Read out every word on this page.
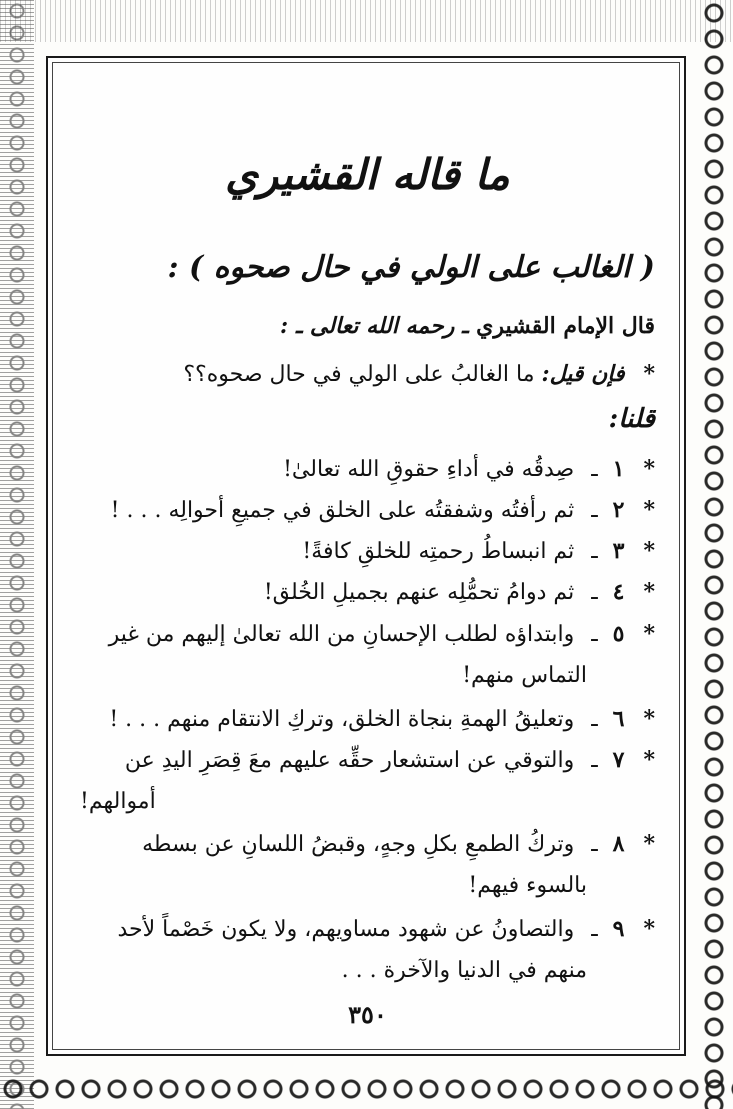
ما قاله القشيري
( الغالب على الولي في حال صحوه ) :
قال الإمام القشيري ـ رحمه الله تعالى ـ :
* فإن قيل: ما الغالبُ على الولي في حال صحوه؟؟
قلنا:
* ١ ـ صِدقُه في أداءِ حقوقِ الله تعالىٰ!
* ٢ ـ ثم رأفتُه وشفقتُه على الخلق في جميعِ أحوالِه . . . !
* ٣ ـ ثم انبساطُ رحمتِه للخلقِ كافةً!
* ٤ ـ ثم دوامُ تحمُّلِه عنهم بجميلِ الخُلق!
* ٥ ـ وابتداؤه لطلب الإحسانِ من الله تعالىٰ إليهم من غير
التماس منهم!
* ٦ ـ وتعليقُ الهمةِ بنجاة الخلق، وتركِ الانتقام منهم . . . !
* ٧ ـ والتوقي عن استشعار حقِّه عليهم معَ قِصَرِ اليدِ عن
أموالهم!
* ٨ ـ وتركُ الطمعِ بكلِ وجهٍ، وقبضُ اللسانِ عن بسطه
بالسوء فيهم!
* ٩ ـ والتصاونُ عن شهود مساويهم، ولا يكون خَصْماً لأحد
منهم في الدنيا والآخرة . . .
٣٥٠
